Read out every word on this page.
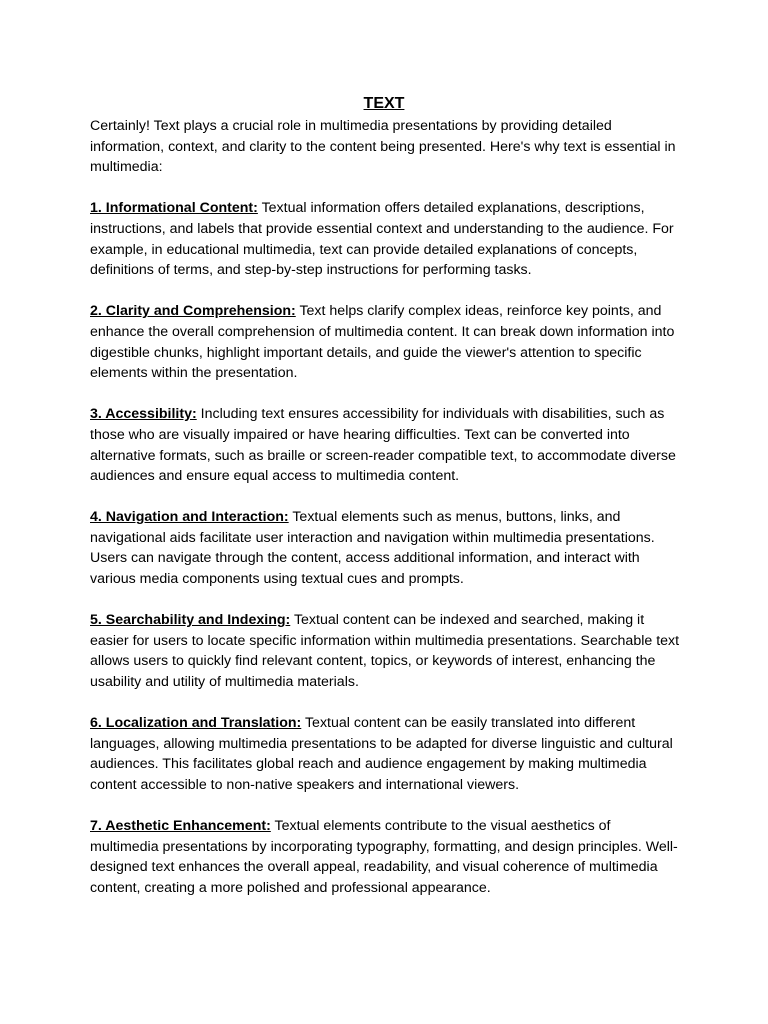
TEXT

Certainly! Text plays a crucial role in multimedia presentations by providing detailed information, context, and clarity to the content being presented. Here's why text is essential in multimedia:

1. Informational Content: Textual information offers detailed explanations, descriptions, instructions, and labels that provide essential context and understanding to the audience. For example, in educational multimedia, text can provide detailed explanations of concepts, definitions of terms, and step-by-step instructions for performing tasks.

2. Clarity and Comprehension: Text helps clarify complex ideas, reinforce key points, and enhance the overall comprehension of multimedia content. It can break down information into digestible chunks, highlight important details, and guide the viewer's attention to specific elements within the presentation.

3. Accessibility: Including text ensures accessibility for individuals with disabilities, such as those who are visually impaired or have hearing difficulties. Text can be converted into alternative formats, such as braille or screen-reader compatible text, to accommodate diverse audiences and ensure equal access to multimedia content.

4. Navigation and Interaction: Textual elements such as menus, buttons, links, and navigational aids facilitate user interaction and navigation within multimedia presentations. Users can navigate through the content, access additional information, and interact with various media components using textual cues and prompts.

5. Searchability and Indexing: Textual content can be indexed and searched, making it easier for users to locate specific information within multimedia presentations. Searchable text allows users to quickly find relevant content, topics, or keywords of interest, enhancing the usability and utility of multimedia materials.

6. Localization and Translation: Textual content can be easily translated into different languages, allowing multimedia presentations to be adapted for diverse linguistic and cultural audiences. This facilitates global reach and audience engagement by making multimedia content accessible to non-native speakers and international viewers.

7. Aesthetic Enhancement: Textual elements contribute to the visual aesthetics of multimedia presentations by incorporating typography, formatting, and design principles. Well-designed text enhances the overall appeal, readability, and visual coherence of multimedia content, creating a more polished and professional appearance.
